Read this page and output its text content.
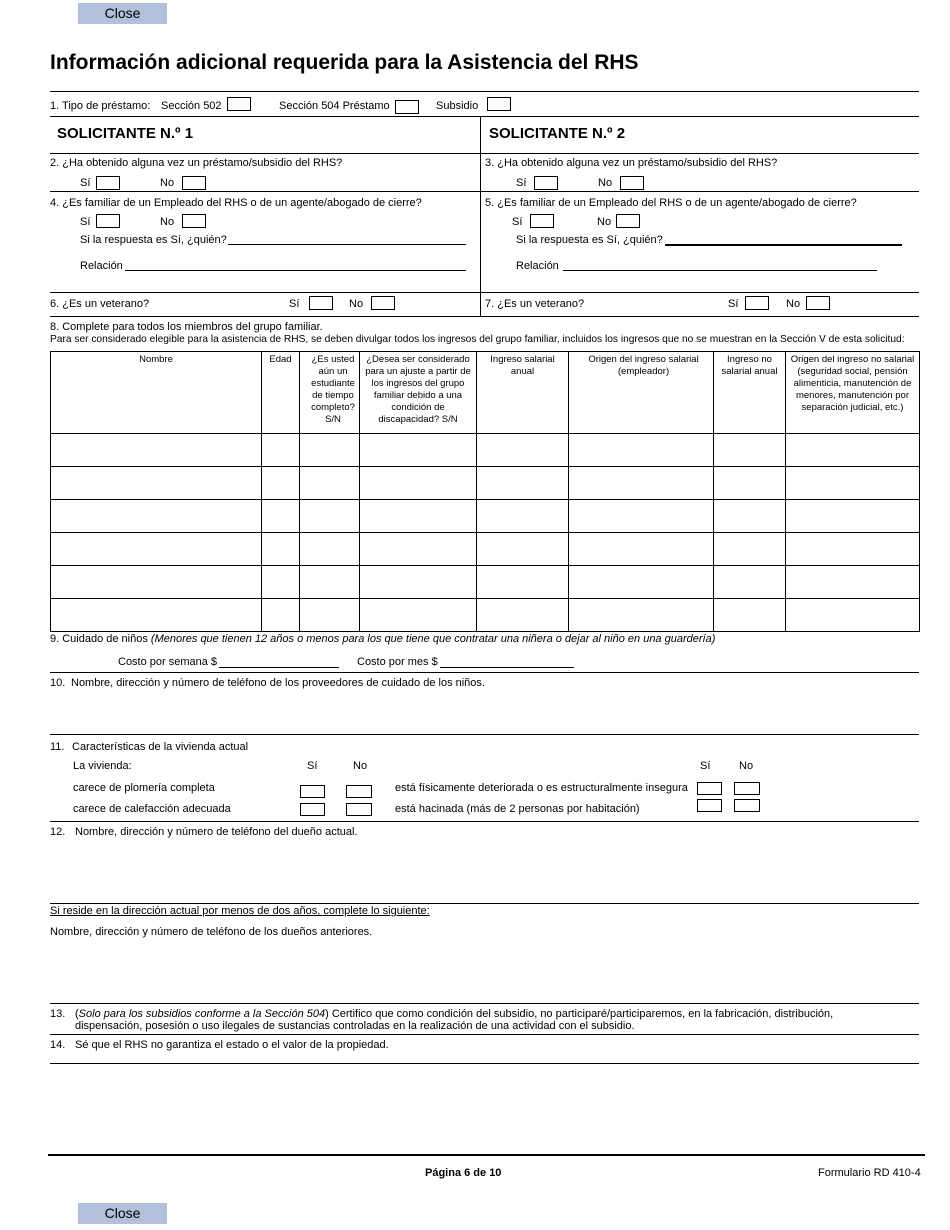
Close
Información adicional requerida para la Asistencia del RHS
1. Tipo de préstamo: Sección 502	Sección 504 Préstamo	Subsidio
SOLICITANTE N.º 1	SOLICITANTE N.º 2
2. ¿Ha obtenido alguna vez un préstamo/subsidio del RHS?
Sí	No
3. ¿Ha obtenido alguna vez un préstamo/subsidio del RHS?
Sí	No
4. ¿Es familiar de un Empleado del RHS o de un agente/abogado de cierre?
Sí	No
Si la respuesta es Sí, ¿quién?
Relación
5. ¿Es familiar de un Empleado del RHS o de un agente/abogado de cierre?
Sí	No
Si la respuesta es Sí, ¿quién?
Relación
6. ¿Es un veterano?	Sí	No	7. ¿Es un veterano?	Sí	No
8. Complete para todos los miembros del grupo familiar.
Para ser considerado elegible para la asistencia de RHS, se deben divulgar todos los ingresos del grupo familiar, incluidos los ingresos que no se muestran en la Sección V de esta solicitud:
Nombre	Edad	¿Es usted aún un estudiante de tiempo completo? S/N	¿Desea ser considerado para un ajuste a partir de los ingresos del grupo familiar debido a una condición de discapacidad? S/N	Ingreso salarial anual	Origen del ingreso salarial (empleador)	Ingreso no salarial anual	Origen del ingreso no salarial (seguridad social, pensión alimenticia, manutención de menores, manutención por separación judicial, etc.)

9. Cuidado de niños (Menores que tienen 12 años o menos para los que tiene que contratar una niñera o dejar al niño en una guardería)
Costo por semana $	Costo por mes $
10. Nombre, dirección y número de teléfono de los proveedores de cuidado de los niños.
11. Características de la vivienda actual
La vivienda:	Sí	No	Sí	No
carece de plomería completa
carece de calefacción adecuada
está físicamente deteriorada o es estructuralmente insegura
está hacinada (más de 2 personas por habitación)
12. Nombre, dirección y número de teléfono del dueño actual.
Si reside en la dirección actual por menos de dos años, complete lo siguiente:
Nombre, dirección y número de teléfono de los dueños anteriores.
13. (Solo para los subsidios conforme a la Sección 504) Certifico que como condición del subsidio, no participaré/participaremos, en la fabricación, distribución,
dispensación, posesión o uso ilegales de sustancias controladas en la realización de una actividad con el subsidio.
14. Sé que el RHS no garantiza el estado o el valor de la propiedad.
Página 6 de 10	Formulario RD 410-4
Close
